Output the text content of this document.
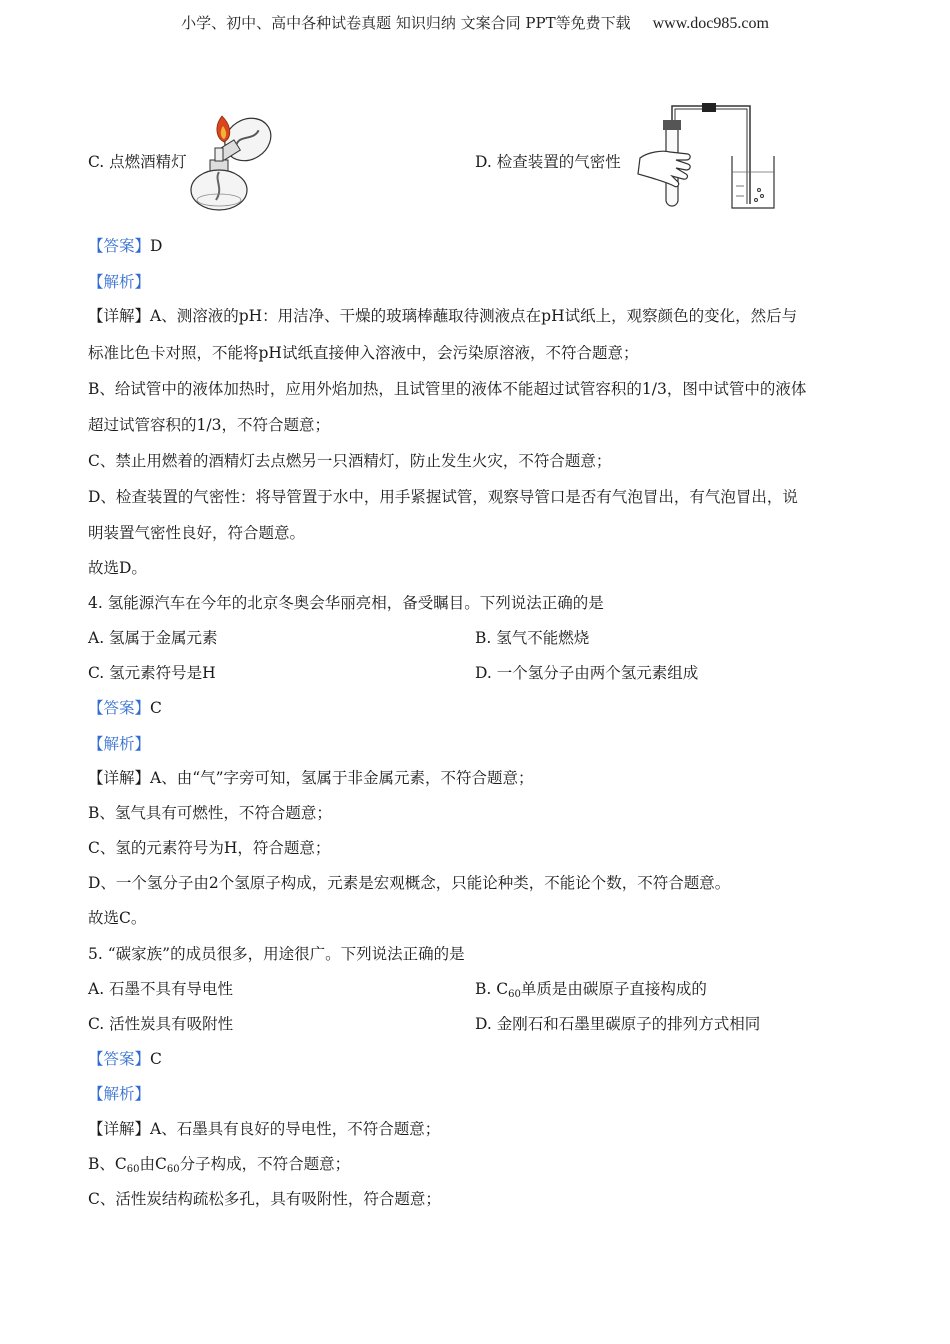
小学、初中、高中各种试卷真题 知识归纳 文案合同 PPT等免费下载 www.doc985.com
C. 点燃酒精灯	D. 检查装置的气密性
【答案】D
【解析】
【详解】A、测溶液的pH：用洁净、干燥的玻璃棒蘸取待测液点在pH试纸上，观察颜色的变化，然后与
标准比色卡对照，不能将pH试纸直接伸入溶液中，会污染原溶液，不符合题意；
B、给试管中的液体加热时，应用外焰加热，且试管里的液体不能超过试管容积的1/3，图中试管中的液体
超过试管容积的1/3，不符合题意；
C、禁止用燃着的酒精灯去点燃另一只酒精灯，防止发生火灾，不符合题意；
D、检查装置的气密性：将导管置于水中，用手紧握试管，观察导管口是否有气泡冒出，有气泡冒出，说
明装置气密性良好，符合题意。
故选D。
4. 氢能源汽车在今年的北京冬奥会华丽亮相，备受瞩目。下列说法正确的是
A. 氢属于金属元素	B. 氢气不能燃烧
C. 氢元素符号是H	D. 一个氢分子由两个氢元素组成
【答案】C
【解析】
【详解】A、由“气”字旁可知，氢属于非金属元素，不符合题意；
B、氢气具有可燃性，不符合题意；
C、氢的元素符号为H，符合题意；
D、一个氢分子由2个氢原子构成，元素是宏观概念，只能论种类，不能论个数，不符合题意。
故选C。
5. “碳家族”的成员很多，用途很广。下列说法正确的是
A. 石墨不具有导电性	B. $C_{60}$单质是由碳原子直接构成的
C. 活性炭具有吸附性	D. 金刚石和石墨里碳原子的排列方式相同
【答案】C
【解析】
【详解】A、石墨具有良好的导电性，不符合题意；
B、$C_{60}$由$C_{60}$分子构成，不符合题意；
C、活性炭结构疏松多孔，具有吸附性，符合题意；
